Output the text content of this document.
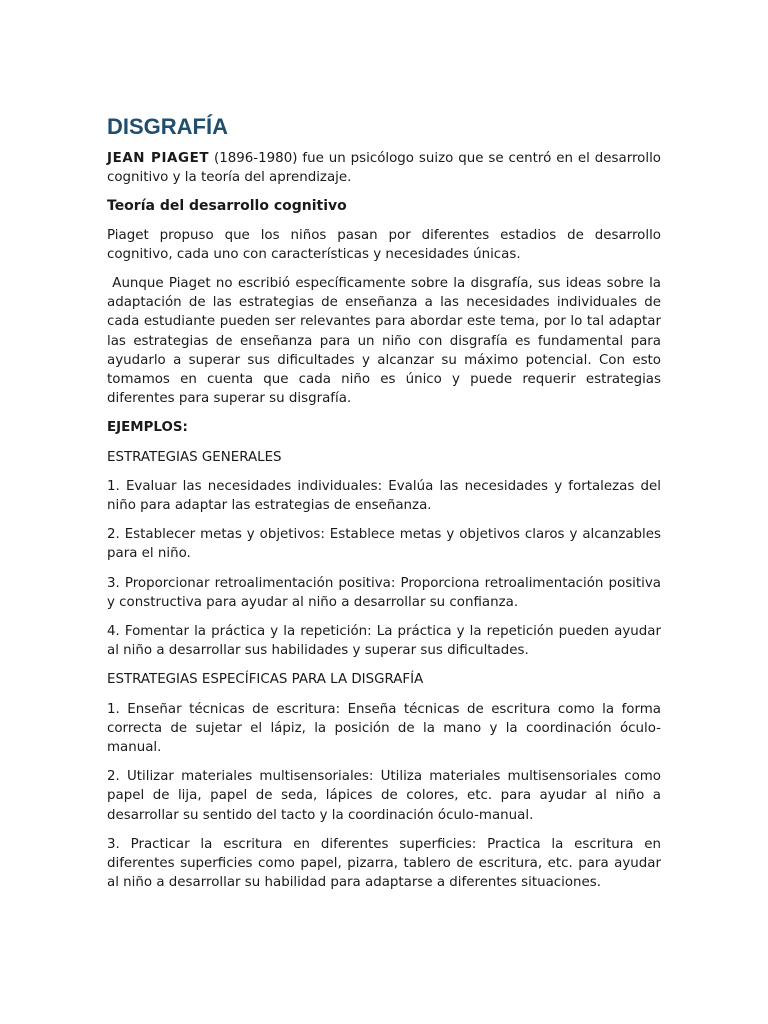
DISGRAFÍA

JEAN PIAGET (1896-1980) fue un psicólogo suizo que se centró en el desarrollo cognitivo y la teoría del aprendizaje.

Teoría del desarrollo cognitivo

Piaget propuso que los niños pasan por diferentes estadios de desarrollo cognitivo, cada uno con características y necesidades únicas.

Aunque Piaget no escribió específicamente sobre la disgrafía, sus ideas sobre la adaptación de las estrategias de enseñanza a las necesidades individuales de cada estudiante pueden ser relevantes para abordar este tema, por lo tal adaptar las estrategias de enseñanza para un niño con disgrafía es fundamental para ayudarlo a superar sus dificultades y alcanzar su máximo potencial. Con esto tomamos en cuenta que cada niño es único y puede requerir estrategias diferentes para superar su disgrafía.

EJEMPLOS:

ESTRATEGIAS GENERALES

1. Evaluar las necesidades individuales: Evalúa las necesidades y fortalezas del niño para adaptar las estrategias de enseñanza.

2. Establecer metas y objetivos: Establece metas y objetivos claros y alcanzables para el niño.

3. Proporcionar retroalimentación positiva: Proporciona retroalimentación positiva y constructiva para ayudar al niño a desarrollar su confianza.

4. Fomentar la práctica y la repetición: La práctica y la repetición pueden ayudar al niño a desarrollar sus habilidades y superar sus dificultades.

ESTRATEGIAS ESPECÍFICAS PARA LA DISGRAFÍA

1. Enseñar técnicas de escritura: Enseña técnicas de escritura como la forma correcta de sujetar el lápiz, la posición de la mano y la coordinación óculo-manual.

2. Utilizar materiales multisensoriales: Utiliza materiales multisensoriales como papel de lija, papel de seda, lápices de colores, etc. para ayudar al niño a desarrollar su sentido del tacto y la coordinación óculo-manual.

3. Practicar la escritura en diferentes superficies: Practica la escritura en diferentes superficies como papel, pizarra, tablero de escritura, etc. para ayudar al niño a desarrollar su habilidad para adaptarse a diferentes situaciones.
